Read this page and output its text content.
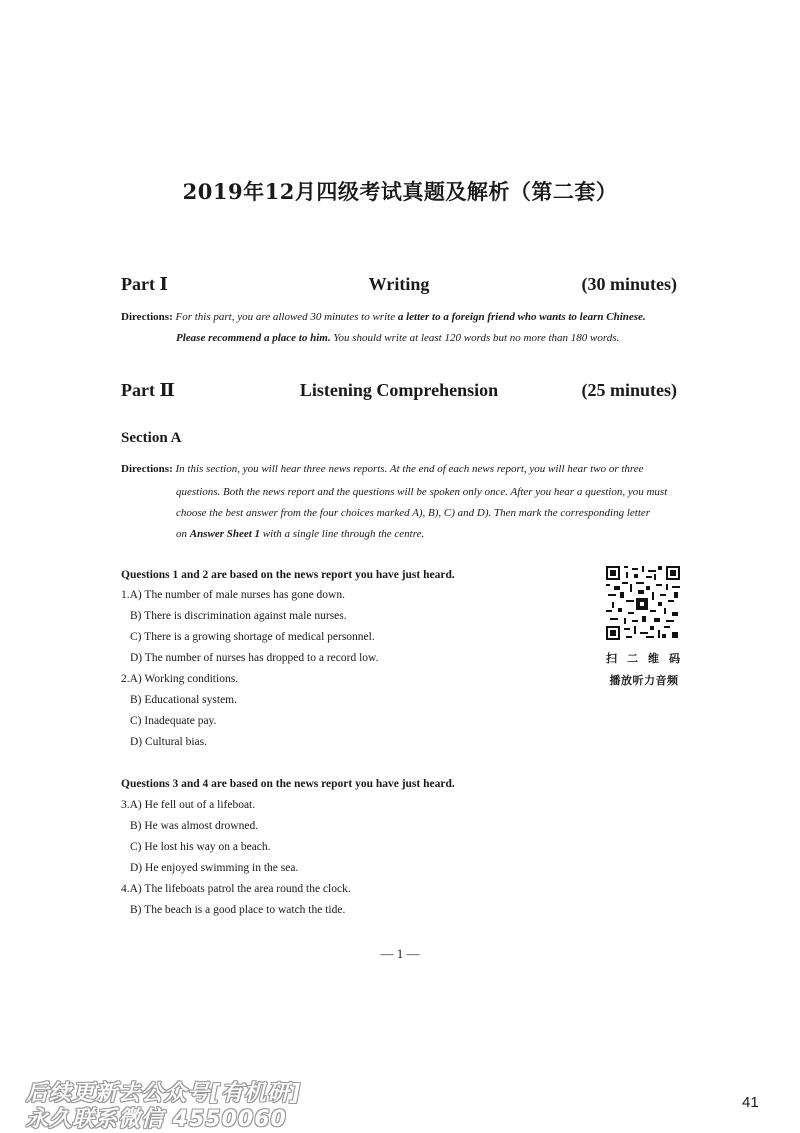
2019年12月四级考试真题及解析（第二套）
Part Ⅰ	Writing	(30 minutes)
Directions: For this part, you are allowed 30 minutes to write a letter to a foreign friend who wants to learn Chinese.
Please recommend a place to him. You should write at least 120 words but no more than 180 words.
Part Ⅱ	Listening Comprehension	(25 minutes)
Section A
Directions: In this section, you will hear three news reports. At the end of each news report, you will hear two or three
questions. Both the news report and the questions will be spoken only once. After you hear a question, you must
choose the best answer from the four choices marked A), B), C) and D). Then mark the corresponding letter
on Answer Sheet 1 with a single line through the centre.
Questions 1 and 2 are based on the news report you have just heard.
1.A) The number of male nurses has gone down.
B) There is discrimination against male nurses.
C) There is a growing shortage of medical personnel.
D) The number of nurses has dropped to a record low.
2.A) Working conditions.
B) Educational system.
C) Inadequate pay.
D) Cultural bias.
扫 二 维 码
播放听力音频
Questions 3 and 4 are based on the news report you have just heard.
3.A) He fell out of a lifeboat.
B) He was almost drowned.
C) He lost his way on a beach.
D) He enjoyed swimming in the sea.
4.A) The lifeboats patrol the area round the clock.
B) The beach is a good place to watch the tide.
— 1 —
后续更新去公众号[有机研]
永久联系微信 4550060
41
